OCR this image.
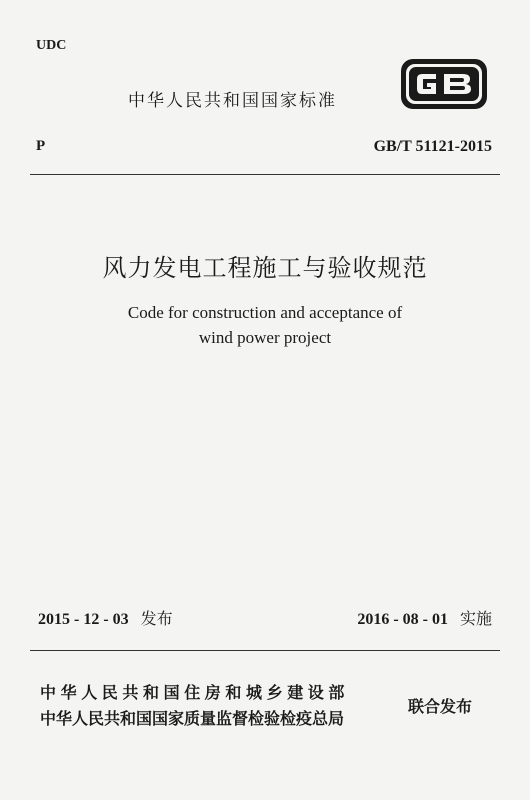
UDC
中华人民共和国国家标准
P	GB/T 51121-2015
风力发电工程施工与验收规范
Code for construction and acceptance of
wind power project
2015 - 12 - 03 发布	2016 - 08 - 01 实施
中华人民共和国住房和城乡建设部
中华人民共和国国家质量监督检验检疫总局
联合发布
